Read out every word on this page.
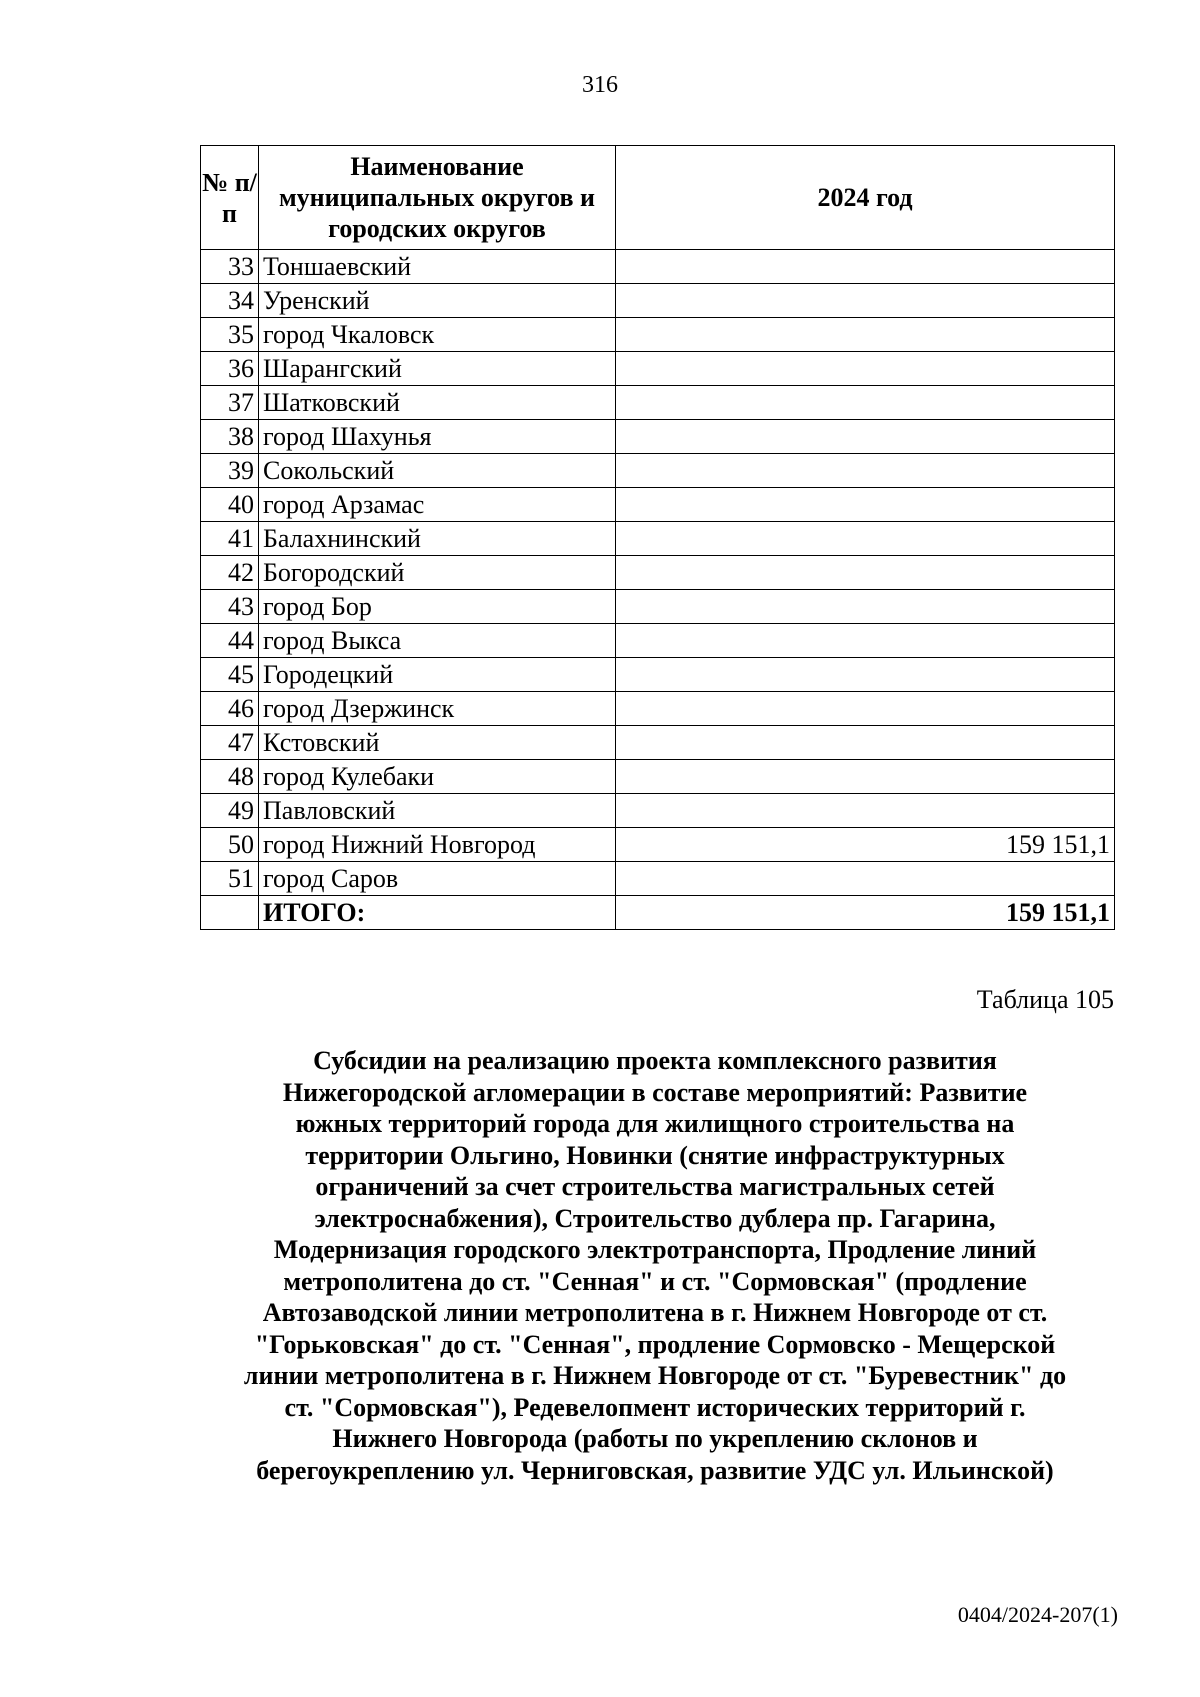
316
№ п/п	Наименование муниципальных округов и городских округов	2024 год
33	Тоншаевский	
34	Уренский	
35	город Чкаловск	
36	Шарангский	
37	Шатковский	
38	город Шахунья	
39	Сокольский	
40	город Арзамас	
41	Балахнинский	
42	Богородский	
43	город Бор	
44	город Выкса	
45	Городецкий	
46	город Дзержинск	
47	Кстовский	
48	город Кулебаки	
49	Павловский	
50	город Нижний Новгород	159 151,1
51	город Саров	
	ИТОГО:	159 151,1
Таблица 105
Субсидии на реализацию проекта комплексного развития
Нижегородской агломерации в составе мероприятий: Развитие
южных территорий города для жилищного строительства на
территории Ольгино, Новинки (снятие инфраструктурных
ограничений за счет строительства магистральных сетей
электроснабжения), Строительство дублера пр. Гагарина,
Модернизация городского электротранспорта, Продление линий
метрополитена до ст. "Сенная" и ст. "Сормовская" (продление
Автозаводской линии метрополитена в г. Нижнем Новгороде от ст.
"Горьковская" до ст. "Сенная", продление Сормовско - Мещерской
линии метрополитена в г. Нижнем Новгороде от ст. "Буревестник" до
ст. "Сормовская"), Редевелопмент исторических территорий г.
Нижнего Новгорода (работы по укреплению склонов и
берегоукреплению ул. Черниговская, развитие УДС ул. Ильинской)
0404/2024-207(1)
